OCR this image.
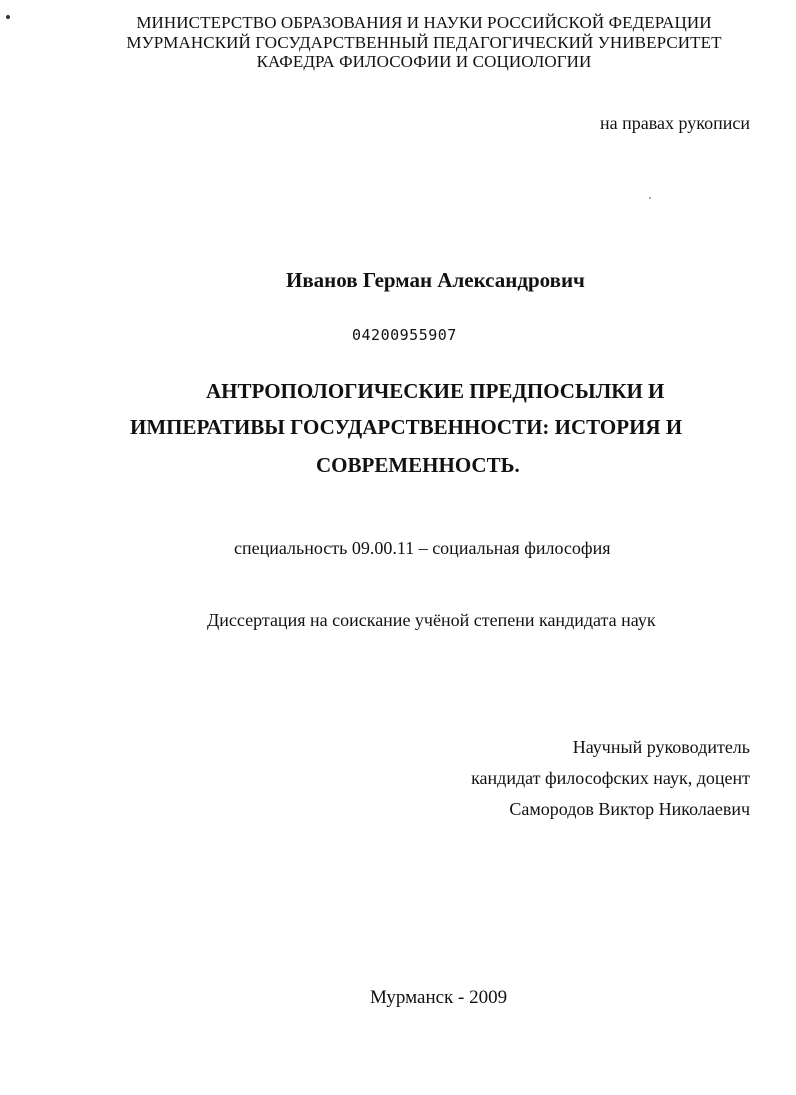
МИНИСТЕРСТВО ОБРАЗОВАНИЯ И НАУКИ РОССИЙСКОЙ ФЕДЕРАЦИИ
МУРМАНСКИЙ ГОСУДАРСТВЕННЫЙ ПЕДАГОГИЧЕСКИЙ УНИВЕРСИТЕТ
КАФЕДРА ФИЛОСОФИИ И СОЦИОЛОГИИ
на правах рукописи
Иванов Герман Александрович
04200955907
АНТРОПОЛОГИЧЕСКИЕ ПРЕДПОСЫЛКИ И
ИМПЕРАТИВЫ ГОСУДАРСТВЕННОСТИ: ИСТОРИЯ И
СОВРЕМЕННОСТЬ.
специальность 09.00.11 – социальная философия
Диссертация на соискание учёной степени кандидата наук
Научный руководитель
кандидат философских наук, доцент
Самородов Виктор Николаевич
Мурманск - 2009
